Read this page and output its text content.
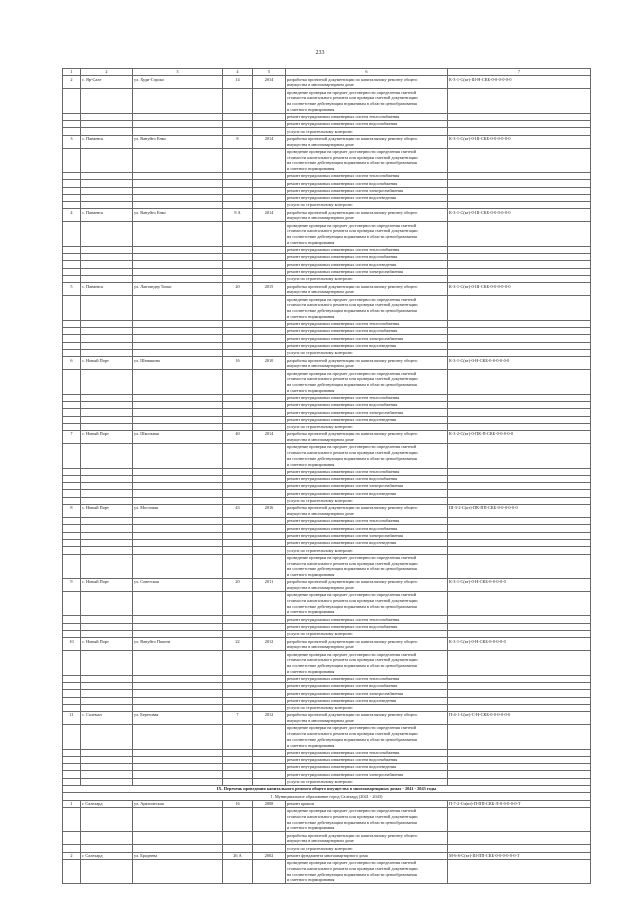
233
1	2	3	4	5	6	7
2	с. Яр-Сале	ул. Худи-Сэроко	14	2014	разработка проектной документации по капитальному ремонту общего
имущества в многоквартирном доме	К-3-1-С(кт)-Ш-Н-СКБ-0-0-0-0-0-0
					проведение проверки на предмет достоверности определения сметной
стоимости капитального ремонта или проверки сметной документации
на соответствие действующим нормативам в области ценообразования
и сметного нормирования	
					ремонт внутридомовых инженерных систем теплоснабжения	
					ремонт внутридомовых инженерных систем водоснабжения	
					услуги по строительному контролю	
3	с. Панаевск	ул. Вануйто Енко	8	2014	разработка проектной документации по капитальному ремонту общего
имущества в многоквартирном доме	К-3-1-С(кт)-0-Ш-СКБ-0-0-0-0-0-0
					проведение проверки на предмет достоверности определения сметной
стоимости капитального ремонта или проверки сметной документации
на соответствие действующим нормативам в области ценообразования
и сметного нормирования	
					ремонт внутридомовых инженерных систем теплоснабжения	
					ремонт внутридомовых инженерных систем водоснабжения	
					ремонт внутридомовых инженерных систем электроснабжения	
					ремонт внутридомовых инженерных систем водоотведения	
					услуги по строительному контролю	
4	с. Панаевск	ул. Вануйто Енко	8 А	2014	разработка проектной документации по капитальному ремонту общего
имущества в многоквартирном доме	К-3-1-С(кт)-0-Ш-СКБ-0-0-0-0-0-0
					проведение проверки на предмет достоверности определения сметной
стоимости капитального ремонта или проверки сметной документации
на соответствие действующим нормативам в области ценообразования
и сметного нормирования	
					ремонт внутридомовых инженерных систем теплоснабжения	
					ремонт внутридомовых инженерных систем водоснабжения	
					ремонт внутридомовых инженерных систем водоотведения	
					ремонт внутридомовых инженерных систем электроснабжения	
					услуги по строительному контролю	
5	с. Панаевск	ул. Лаптандер Томас	20	2015	разработка проектной документации по капитальному ремонту общего
имущества в многоквартирном доме	К-3-1-С(кт)-0-Ш-СКБ-0-0-0-0-0-0
					проведение проверки на предмет достоверности определения сметной
стоимости капитального ремонта или проверки сметной документации
на соответствие действующим нормативам в области ценообразования
и сметного нормирования	
					ремонт внутридомовых инженерных систем теплоснабжения	
					ремонт внутридомовых инженерных систем водоснабжения	
					ремонт внутридомовых инженерных систем электроснабжения	
					ремонт внутридомовых инженерных систем водоотведения	
					услуги по строительному контролю	
6	с. Новый Порт	ул. Шемякина	16	2010	разработка проектной документации по капитальному ремонту общего
имущества в многоквартирном доме	К-3-1-С(кт)-0-Н-СКБ-0-0-0-0-0-0
					проведение проверки на предмет достоверности определения сметной
стоимости капитального ремонта или проверки сметной документации
на соответствие действующим нормативам в области ценообразования
и сметного нормирования	
					ремонт внутридомовых инженерных систем теплоснабжения	
					ремонт внутридомовых инженерных систем водоснабжения	
					ремонт внутридомовых инженерных систем электроснабжения	
					ремонт внутридомовых инженерных систем водоотведения	
					услуги по строительному контролю	
7	с. Новый Порт	ул. Школьная	40	2014	разработка проектной документации по капитальному ремонту общего
имущества в многоквартирном доме	К-3-2-С(кт)-0-ПК-П-СКБ-0-0-0-0-0
					проведение проверки на предмет достоверности определения сметной
стоимости капитального ремонта или проверки сметной документации
на соответствие действующим нормативам в области ценообразования
и сметного нормирования	
					ремонт внутридомовых инженерных систем теплоснабжения	
					ремонт внутридомовых инженерных систем водоснабжения	
					ремонт внутридомовых инженерных систем электроснабжения	
					ремонт внутридомовых инженерных систем водоотведения	
					услуги по строительному контролю	
8	с. Новый Порт	ул. Мостовая	43	2016	разработка проектной документации по капитальному ремонту общего
имущества в многоквартирном доме	Ш-3-2-С(кт)-ПК-ПП-СКБ-0-0-0-0-0-0
					ремонт внутридомовых инженерных систем теплоснабжения	
					ремонт внутридомовых инженерных систем водоснабжения	
					ремонт внутридомовых инженерных систем электроснабжения	
					ремонт внутридомовых инженерных систем водоотведения	
					услуги по строительному контролю	
					проведение проверки на предмет достоверности определения сметной
стоимости капитального ремонта или проверки сметной документации
на соответствие действующим нормативам в области ценообразования
и сметного нормирования	
9	с. Новый Порт	ул. Советская	20	2011	разработка проектной документации по капитальному ремонту общего
имущества в многоквартирном доме	К-3-1-С(кт)-0-Н-СКБ-0-0-0-0-0
					проведение проверки на предмет достоверности определения сметной
стоимости капитального ремонта или проверки сметной документации
на соответствие действующим нормативам в области ценообразования
и сметного нормирования	
					ремонт внутридомовых инженерных систем теплоснабжения	
					ремонт внутридомовых инженерных систем водоснабжения	
					услуги по строительному контролю	
10	с. Новый Порт	ул. Вануйто Папоти	22	2012	разработка проектной документации по капитальному ремонту общего
имущества в многоквартирном доме	К-3-1-С(кт)-0-Н-СКБ-0-0-0-0-0
					проведение проверки на предмет достоверности определения сметной
стоимости капитального ремонта или проверки сметной документации
на соответствие действующим нормативам в области ценообразования
и сметного нормирования	
					ремонт внутридомовых инженерных систем теплоснабжения	
					ремонт внутридомовых инженерных систем водоснабжения	
					ремонт внутридомовых инженерных систем электроснабжения	
					ремонт внутридомовых инженерных систем водоотведения	
					услуги по строительному контролю	
11	с. Салемал	ул. Береговая	7	2012	разработка проектной документации по капитальному ремонту общего
имущества в многоквартирном доме	П-4-1-С(кт)-С-Н-СКБ-0-0-0-0-0-0
					проведение проверки на предмет достоверности определения сметной
стоимости капитального ремонта или проверки сметной документации
на соответствие действующим нормативам в области ценообразования
и сметного нормирования	
					ремонт внутридомовых инженерных систем теплоснабжения	
					ремонт внутридомовых инженерных систем водоснабжения	
					ремонт внутридомовых инженерных систем водоотведения	
					ремонт внутридомовых инженерных систем электроснабжения	
					услуги по строительному контролю	
IX. Перечень проведения капитального ремонта общего имущества в многоквартирных домах - 2041 - 2043 годы						
1. Муниципальное образование город Салехард (2041 - 2043)						
1	г. Салехард	ул. Арктическая	16	2008	ремонт крыши	П-7-2-Сч(кт)-П-ПП-СКБ-Л-0-0-0-0-0-Т
					проведение проверки на предмет достоверности определения сметной
стоимости капитального ремонта или проверки сметной документации
на соответствие действующим нормативам в области ценообразования
и сметного нормирования	
					разработка проектной документации по капитальному ремонту общего
имущества в многоквартирном доме	
					услуги по строительному контролю	
2	г. Салехард	ул. Броднева	26 А	2002	ремонт фундамента многоквартирного дома	М-6-6-С(кт)-Ш-ПП-СКБ-0-0-0-0-0-0-Т
					проведение проверки на предмет достоверности определения сметной
стоимости капитального ремонта или проверки сметной документации
на соответствие действующим нормативам в области ценообразования
и сметного нормирования	
